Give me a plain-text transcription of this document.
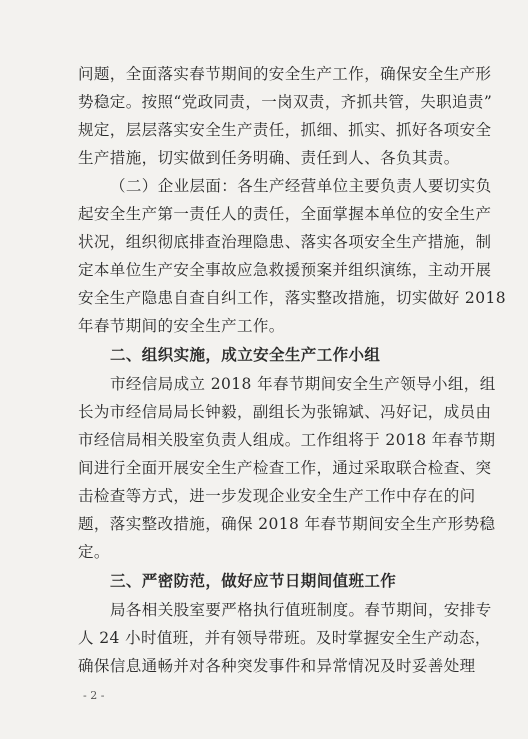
问题，全面落实春节期间的安全生产工作，确保安全生产形
势稳定。按照“党政同责，一岗双责，齐抓共管，失职追责”
规定，层层落实安全生产责任，抓细、抓实、抓好各项安全
生产措施，切实做到任务明确、责任到人、各负其责。
（二）企业层面：各生产经营单位主要负责人要切实负
起安全生产第一责任人的责任，全面掌握本单位的安全生产
状况，组织彻底排查治理隐患、落实各项安全生产措施，制
定本单位生产安全事故应急救援预案并组织演练，主动开展
安全生产隐患自查自纠工作，落实整改措施，切实做好 2018
年春节期间的安全生产工作。
二、组织实施，成立安全生产工作小组
市经信局成立 2018 年春节期间安全生产领导小组，组
长为市经信局局长钟毅，副组长为张锦斌、冯好记，成员由
市经信局相关股室负责人组成。工作组将于 2018 年春节期
间进行全面开展安全生产检查工作，通过采取联合检查、突
击检查等方式，进一步发现企业安全生产工作中存在的问
题，落实整改措施，确保 2018 年春节期间安全生产形势稳
定。
三、严密防范，做好应节日期间值班工作
局各相关股室要严格执行值班制度。春节期间，安排专
人 24 小时值班，并有领导带班。及时掌握安全生产动态，
确保信息通畅并对各种突发事件和异常情况及时妥善处理
- 2 -
